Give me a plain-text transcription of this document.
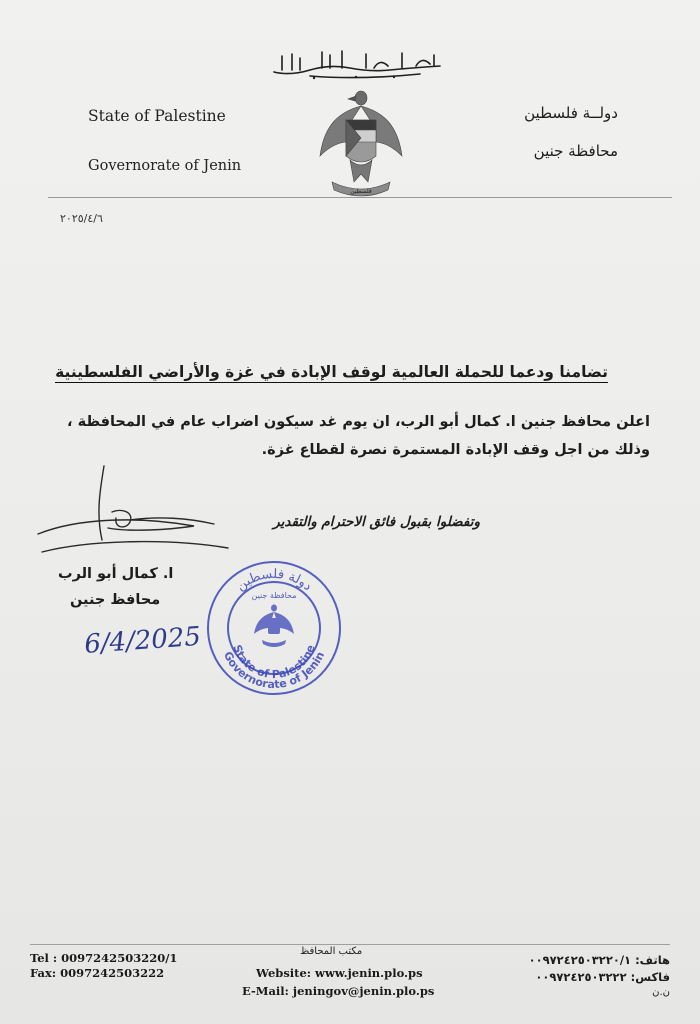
State of Palestine
Governorate of Jenin
دولــة فلسطين
محافظة جنين
فلسطين
٢٠٢٥/٤/٦
تضامنا ودعما للحملة العالمية لوقف الإبادة في غزة والأراضي الفلسطينية
اعلن محافظ جنين ا. كمال أبو الرب، ان يوم غد سيكون اضراب عام في المحافظة ،
وذلك من اجل وقف الإبادة المستمرة نصرة لقطاع غزة.
وتفضلوا بقبول فائق الاحترام والتقدير
ا. كمال أبو الرب
محافظ جنين
6/4/2025
دولة فلسطين
محافظة جنين
State of Palestine
Governorate of Jenin
Tel : 0097242503220/1
Fax: 0097242503222
مكتب المحافظ
Website: www.jenin.plo.ps
E-Mail: jeningov@jenin.plo.ps
هاتف: ٠٠٩٧٢٤٢٥٠٣٢٢٠/١
فاكس: ٠٠٩٧٢٤٢٥٠٣٢٢٢
ن.ن
